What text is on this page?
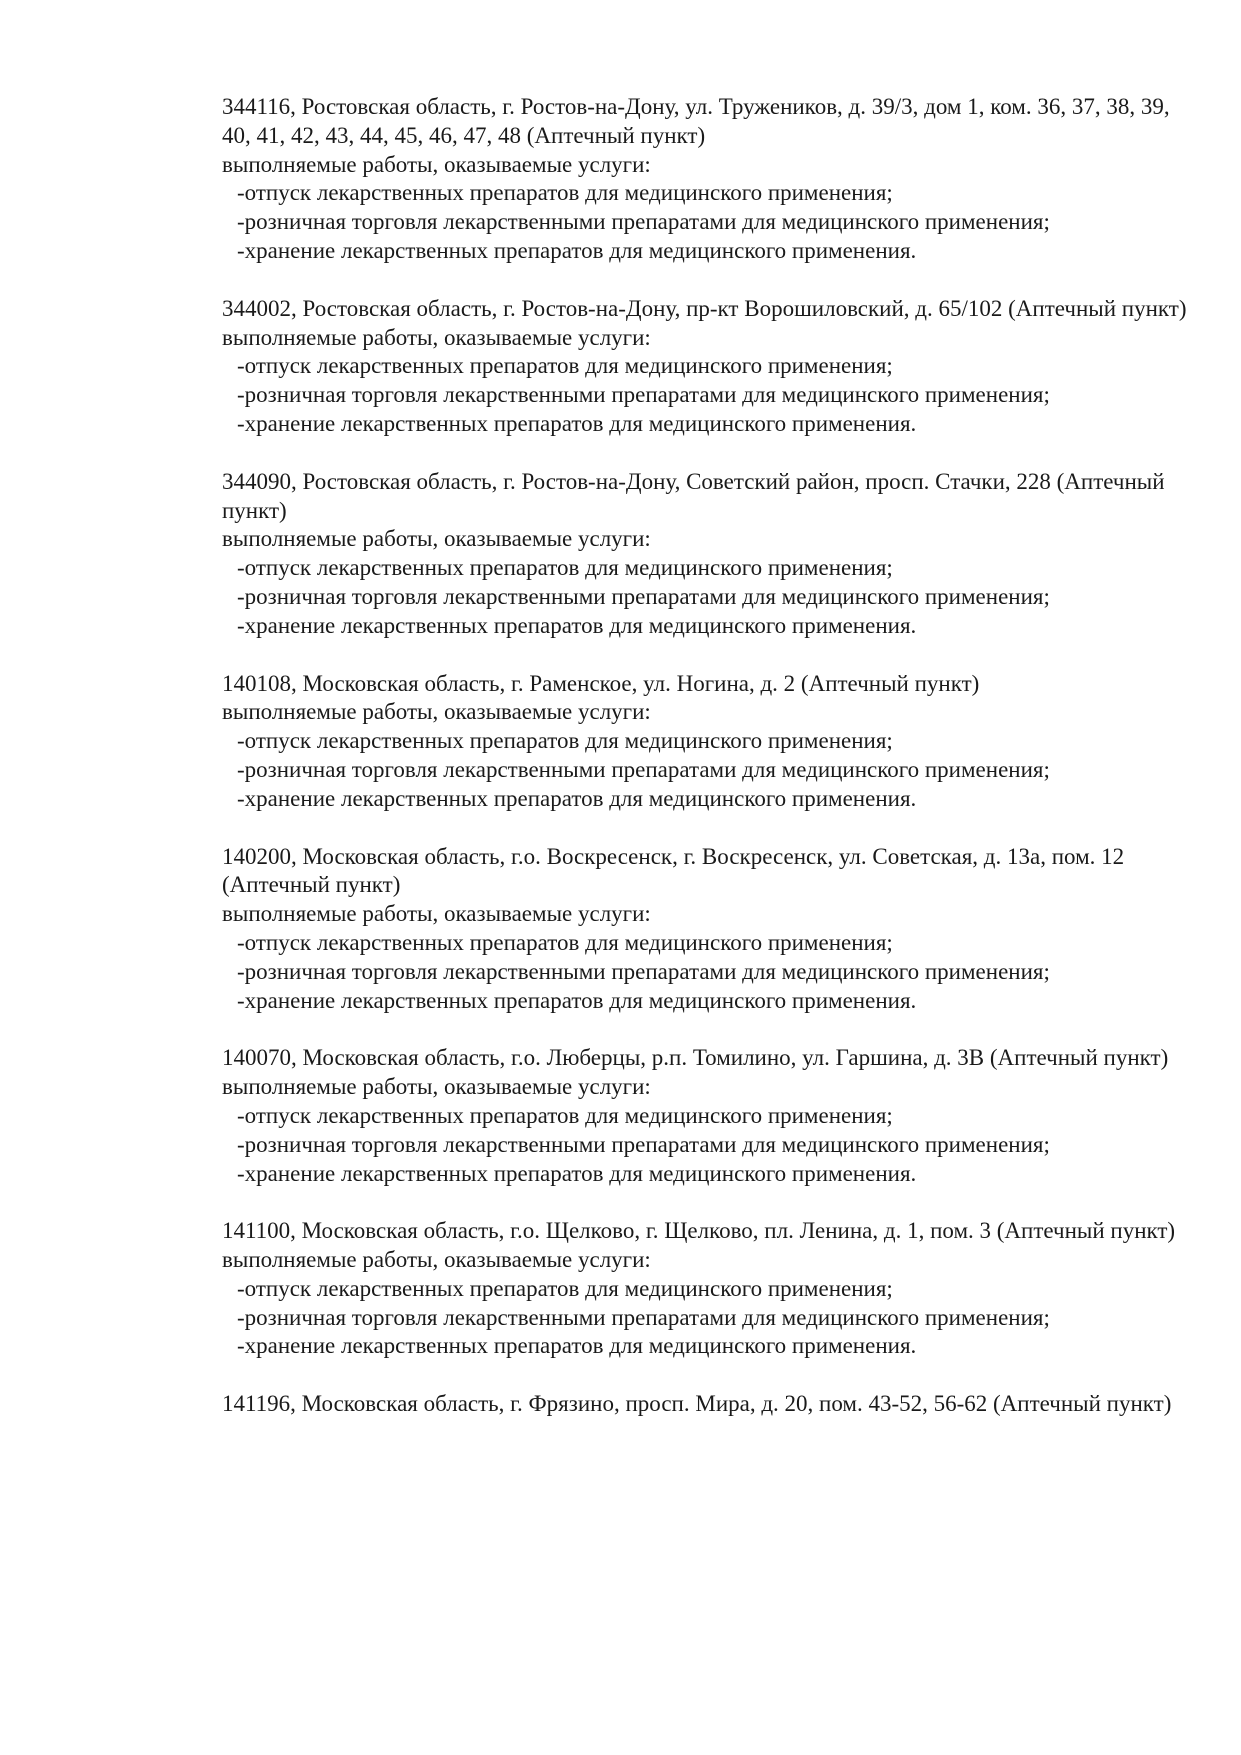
344116, Ростовская область, г. Ростов-на-Дону, ул. Тружеников, д. 39/3, дом 1, ком. 36, 37, 38, 39, 40, 41, 42, 43, 44, 45, 46, 47, 48 (Аптечный пункт)

выполняемые работы, оказываемые услуги:

-отпуск лекарственных препаратов для медицинского применения;
-розничная торговля лекарственными препаратами для медицинского применения;
-хранение лекарственных препаратов для медицинского применения.

344002, Ростовская область, г. Ростов-на-Дону, пр-кт Ворошиловский, д. 65/102 (Аптечный пункт)

выполняемые работы, оказываемые услуги:

-отпуск лекарственных препаратов для медицинского применения;
-розничная торговля лекарственными препаратами для медицинского применения;
-хранение лекарственных препаратов для медицинского применения.

344090, Ростовская область, г. Ростов-на-Дону, Советский район, просп. Стачки, 228 (Аптечный пункт)

выполняемые работы, оказываемые услуги:

-отпуск лекарственных препаратов для медицинского применения;
-розничная торговля лекарственными препаратами для медицинского применения;
-хранение лекарственных препаратов для медицинского применения.

140108, Московская область, г. Раменское, ул. Ногина, д. 2 (Аптечный пункт)

выполняемые работы, оказываемые услуги:

-отпуск лекарственных препаратов для медицинского применения;
-розничная торговля лекарственными препаратами для медицинского применения;
-хранение лекарственных препаратов для медицинского применения.

140200, Московская область, г.о. Воскресенск, г. Воскресенск, ул. Советская, д. 13а, пом. 12 (Аптечный пункт)

выполняемые работы, оказываемые услуги:

-отпуск лекарственных препаратов для медицинского применения;
-розничная торговля лекарственными препаратами для медицинского применения;
-хранение лекарственных препаратов для медицинского применения.

140070, Московская область, г.о. Люберцы, р.п. Томилино, ул. Гаршина, д. 3В (Аптечный пункт)

выполняемые работы, оказываемые услуги:

-отпуск лекарственных препаратов для медицинского применения;
-розничная торговля лекарственными препаратами для медицинского применения;
-хранение лекарственных препаратов для медицинского применения.

141100, Московская область, г.о. Щелково, г. Щелково, пл. Ленина, д. 1, пом. 3 (Аптечный пункт)

выполняемые работы, оказываемые услуги:

-отпуск лекарственных препаратов для медицинского применения;
-розничная торговля лекарственными препаратами для медицинского применения;
-хранение лекарственных препаратов для медицинского применения.

141196, Московская область, г. Фрязино, просп. Мира, д. 20, пом. 43-52, 56-62 (Аптечный пункт)
